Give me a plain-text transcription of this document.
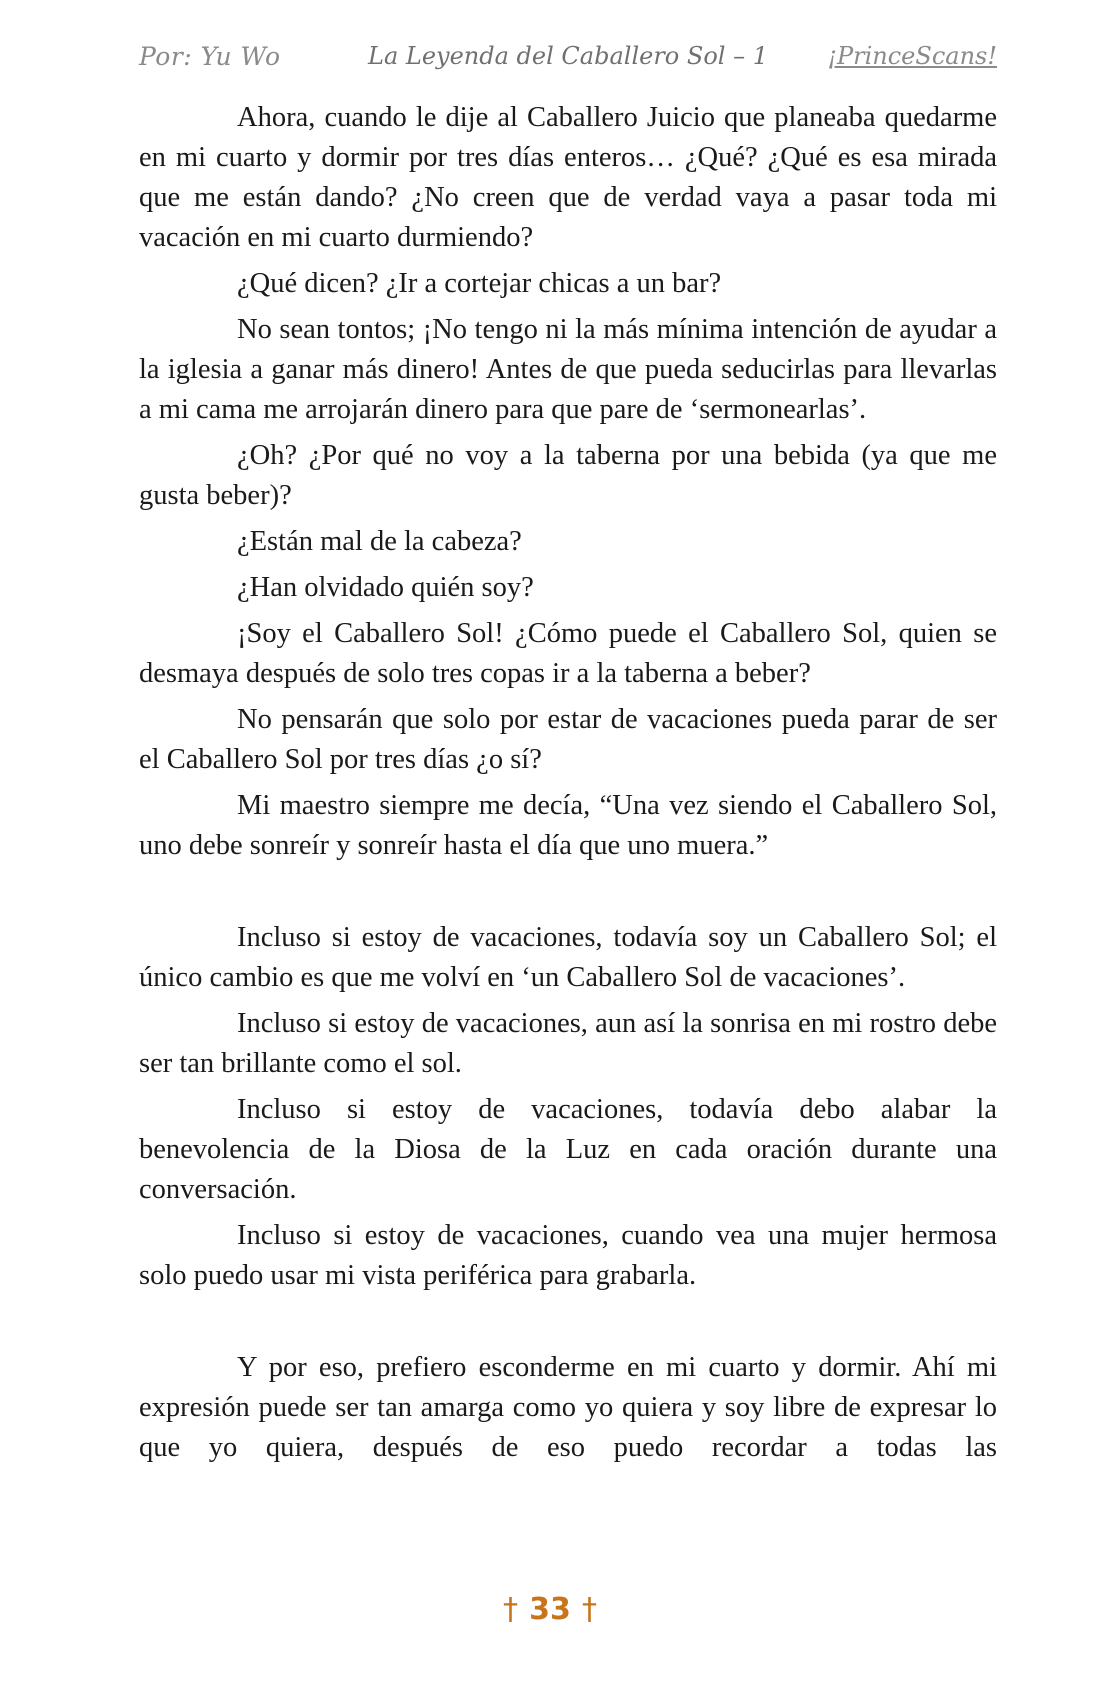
Por: Yu Wo	La Leyenda del Caballero Sol – 1	¡PrinceScans!

Ahora, cuando le dije al Caballero Juicio que planeaba quedarme en mi cuarto y dormir por tres días enteros… ¿Qué? ¿Qué es esa mirada que me están dando? ¿No creen que de verdad vaya a pasar toda mi vacación en mi cuarto durmiendo?

¿Qué dicen? ¿Ir a cortejar chicas a un bar?

No sean tontos; ¡No tengo ni la más mínima intención de ayudar a la iglesia a ganar más dinero! Antes de que pueda seducirlas para llevarlas a mi cama me arrojarán dinero para que pare de ‘sermonearlas’.

¿Oh? ¿Por qué no voy a la taberna por una bebida (ya que me gusta beber)?

¿Están mal de la cabeza?

¿Han olvidado quién soy?

¡Soy el Caballero Sol! ¿Cómo puede el Caballero Sol, quien se desmaya después de solo tres copas ir a la taberna a beber?

No pensarán que solo por estar de vacaciones pueda parar de ser el Caballero Sol por tres días ¿o sí?

Mi maestro siempre me decía, “Una vez siendo el Caballero Sol, uno debe sonreír y sonreír hasta el día que uno muera.”

Incluso si estoy de vacaciones, todavía soy un Caballero Sol; el único cambio es que me volví en ‘un Caballero Sol de vacaciones’.

Incluso si estoy de vacaciones, aun así la sonrisa en mi rostro debe ser tan brillante como el sol.

Incluso si estoy de vacaciones, todavía debo alabar la benevolencia de la Diosa de la Luz en cada oración durante una conversación.

Incluso si estoy de vacaciones, cuando vea una mujer hermosa solo puedo usar mi vista periférica para grabarla.

Y por eso, prefiero esconderme en mi cuarto y dormir. Ahí mi expresión puede ser tan amarga como yo quiera y soy libre de expresar lo que yo quiera, después de eso puedo recordar a todas las

† 33 †
